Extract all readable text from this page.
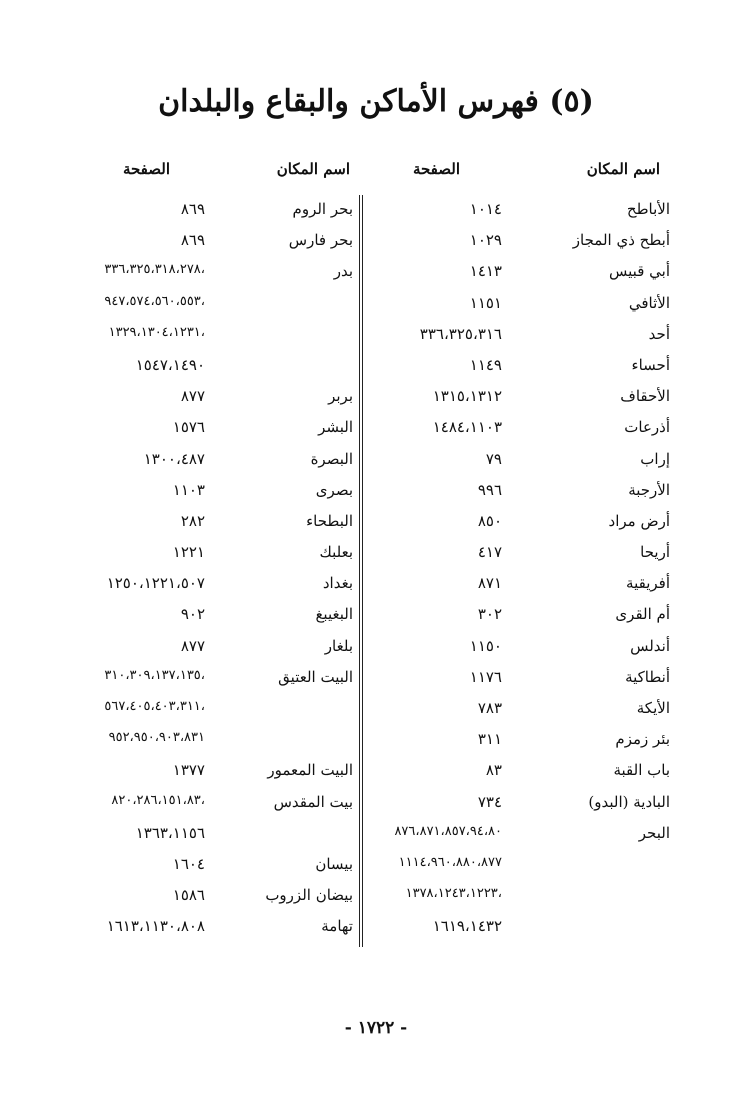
(٥) فهرس الأماكن والبقاع والبلدان
اسم المكان
الصفحة
اسم المكان
الصفحة
الأباطح
١٠١٤
أبطح ذي المجاز
١٠٢٩
أبي قبيس
١٤١٣
الأثافي
١١٥١
أحد
٣٣٦،٣٢٥،٣١٦
أحساء
١١٤٩
الأحقاف
١٣١٥،١٣١٢
أذرعات
١٤٨٤،١١٠٣
إراب
٧٩
الأرجبة
٩٩٦
أرض مراد
٨٥٠
أريحا
٤١٧
أفريقية
٨٧١
أم القرى
٣٠٢
أندلس
١١٥٠
أنطاكية
١١٧٦
الأيكة
٧٨٣
بئر زمزم
٣١١
باب القبة
٨٣
البادية (البدو)
٧٣٤
البحر
٨٧٦،٨٧١،٨٥٧،٩٤،٨٠
١١١٤،٩٦٠،٨٨٠،٨٧٧
،١٣٧٨،١٢٤٣،١٢٢٣
١٦١٩،١٤٣٢
بحر الروم
٨٦٩
بحر فارس
٨٦٩
بدر
،٣٣٦،٣٢٥،٣١٨،٢٧٨
،٩٤٧،٥٧٤،٥٦٠،٥٥٣
،١٣٢٩،١٣٠٤،١٢٣١
١٥٤٧،١٤٩٠
بربر
٨٧٧
البشر
١٥٧٦
البصرة
١٣٠٠،٤٨٧
بصرى
١١٠٣
البطحاء
٢٨٢
بعلبك
١٢٢١
بغداد
١٢٥٠،١٢٢١،٥٠٧
البغيبغ
٩٠٢
بلغار
٨٧٧
البيت العتيق
،٣١٠،٣٠٩،١٣٧،١٣٥
،٥٦٧،٤٠٥،٤٠٣،٣١١
٩٥٢،٩٥٠،٩٠٣،٨٣١
البيت المعمور
١٣٧٧
بيت المقدس
،٨٢٠،٢٨٦،١٥١،٨٣
١٣٦٣،١١٥٦
بيسان
١٦٠٤
بيضان الزروب
١٥٨٦
تهامة
١٦١٣،١١٣٠،٨٠٨
- ١٧٢٢ -
